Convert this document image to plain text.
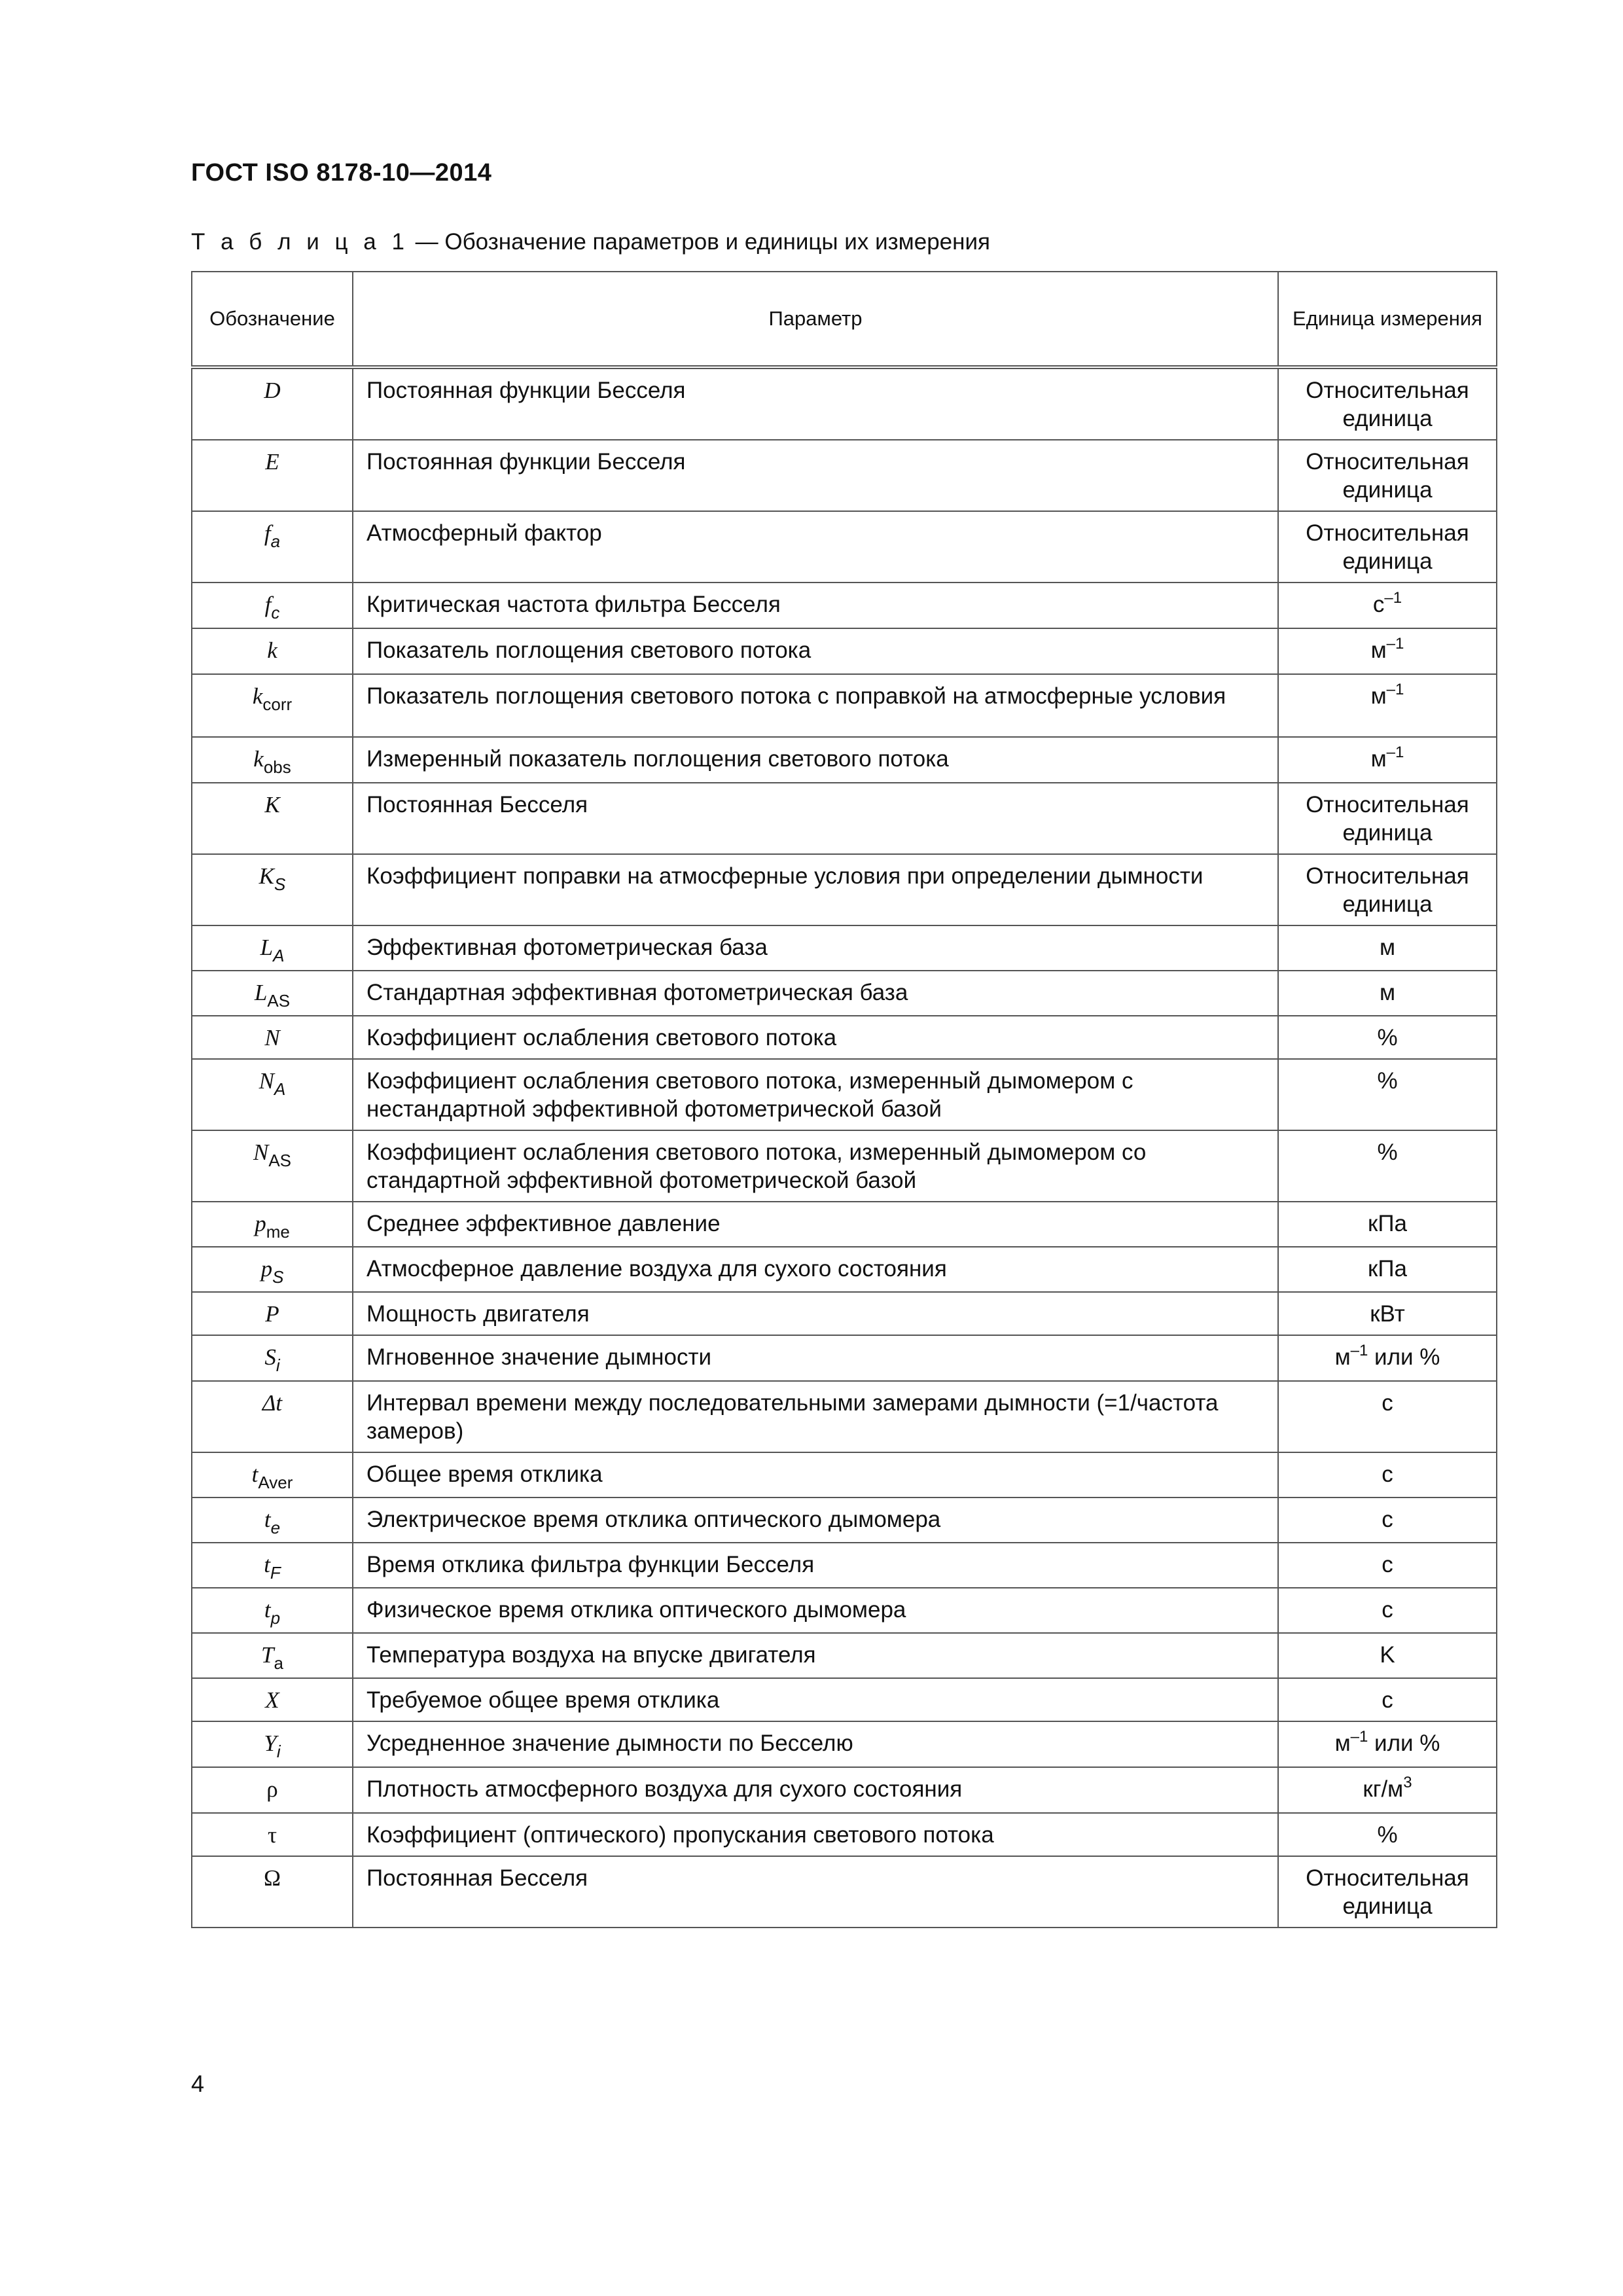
ГОСТ ISO 8178-10—2014
Т а б л и ц а 1 — Обозначение параметров и единицы их измерения
Обозначение	Параметр	Единица измерения
D	Постоянная функции Бесселя	Относительная единица
E	Постоянная функции Бесселя	Относительная единица
$f_a$	Атмосферный фактор	Относительная единица
$f_c$	Критическая частота фильтра Бесселя	$с^{-1}$
k	Показатель поглощения светового потока	$м^{-1}$
$k_{corr}$	Показатель поглощения светового потока с поправкой на атмосферные условия	$м^{-1}$
$k_{obs}$	Измеренный показатель поглощения светового потока	$м^{-1}$
K	Постоянная Бесселя	Относительная единица
$K_S$	Коэффициент поправки на атмосферные условия при определении дымности	Относительная единица
$L_A$	Эффективная фотометрическая база	м
$L_{AS}$	Стандартная эффективная фотометрическая база	м
N	Коэффициент ослабления светового потока	%
$N_A$	Коэффициент ослабления светового потока, измеренный дымомером с нестандартной эффективной фотометрической базой	%
$N_{AS}$	Коэффициент ослабления светового потока, измеренный дымомером со стандартной эффективной фотометрической базой	%
$p_{me}$	Среднее эффективное давление	кПа
$p_S$	Атмосферное давление воздуха для сухого состояния	кПа
P	Мощность двигателя	кВт
$S_i$	Мгновенное значение дымности	$м^{-1}$ или %
Δt	Интервал времени между последовательными замерами дымности (=1/частота замеров)	с
$t_{Aver}$	Общее время отклика	с
$t_e$	Электрическое время отклика оптического дымомера	с
$t_F$	Время отклика фильтра функции Бесселя	с
$t_p$	Физическое время отклика оптического дымомера	с
$T_a$	Температура воздуха на впуске двигателя	K
X	Требуемое общее время отклика	с
$Y_i$	Усредненное значение дымности по Бесселю	$м^{-1}$ или %
ρ	Плотность атмосферного воздуха для сухого состояния	$кг/м^3$
τ	Коэффициент (оптического) пропускания светового потока	%
Ω	Постоянная Бесселя	Относительная единица
4
